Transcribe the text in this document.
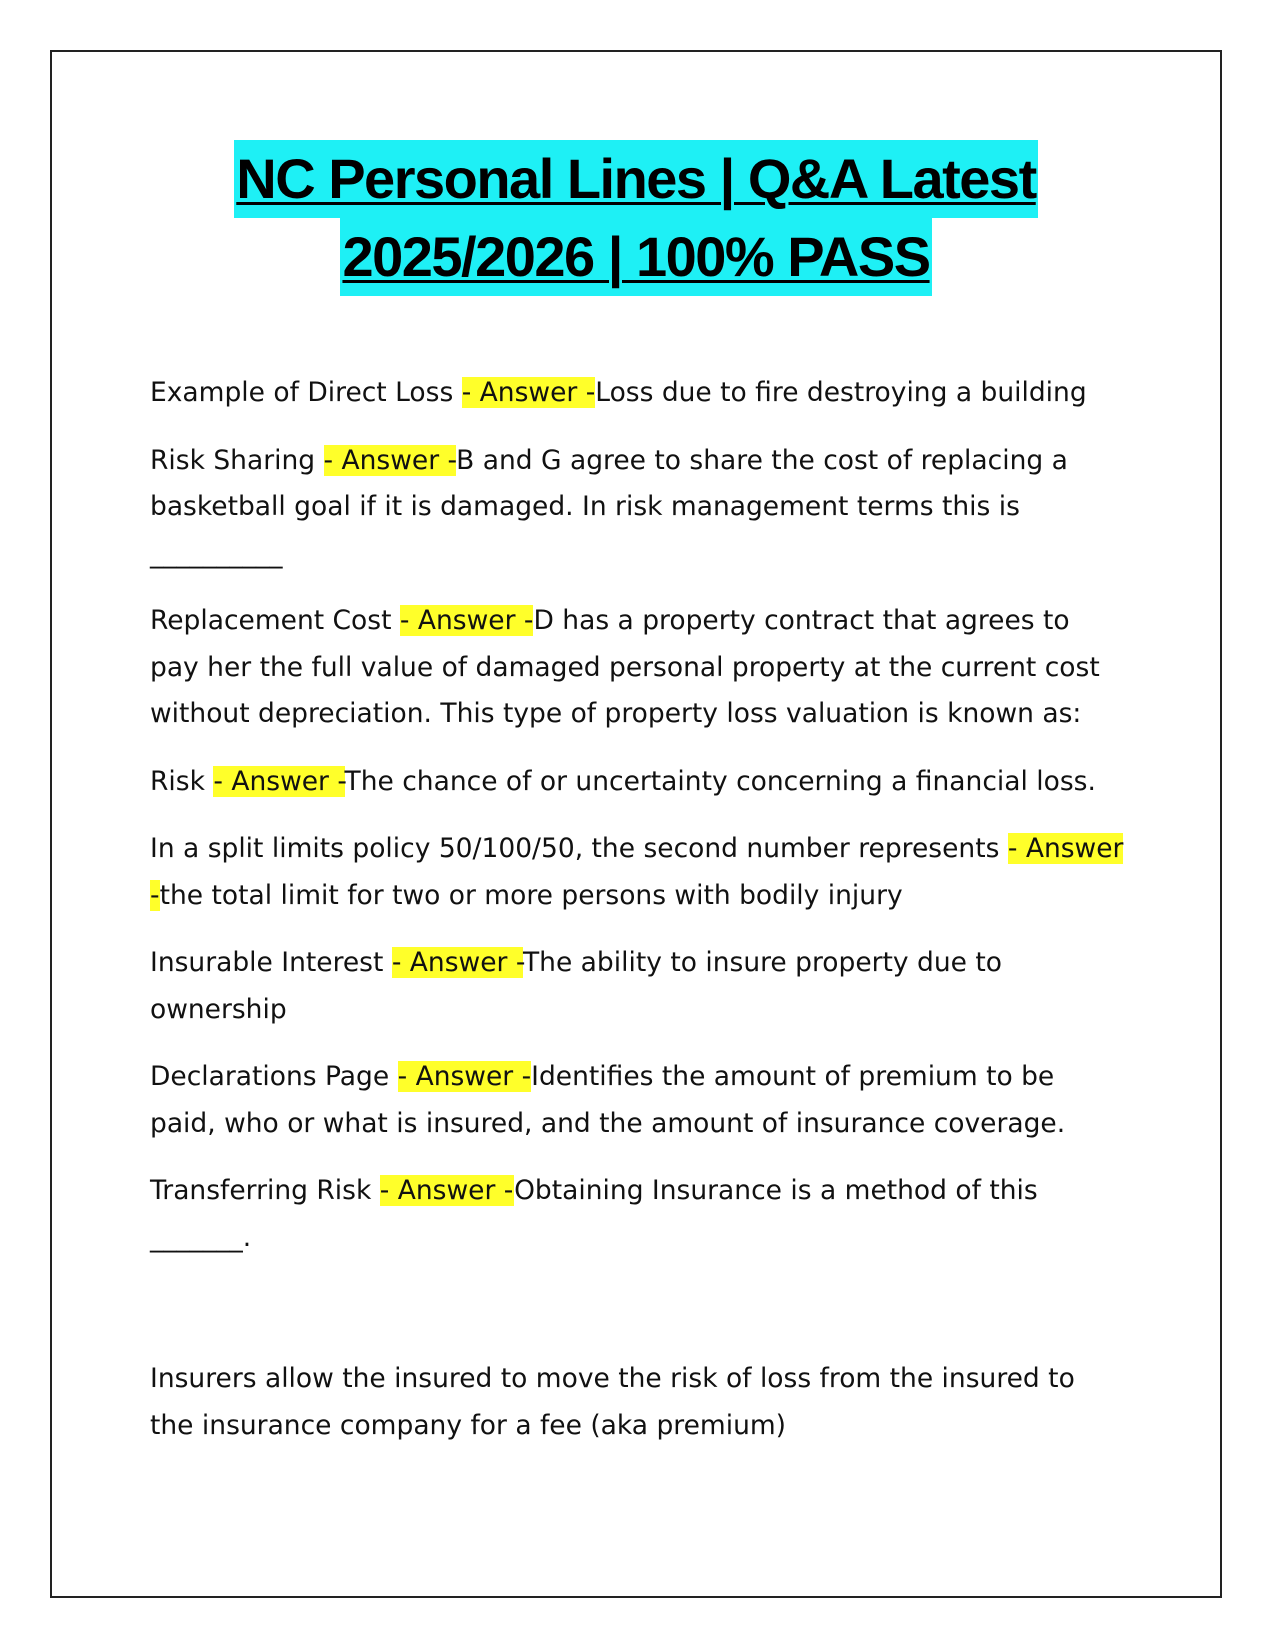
NC Personal Lines | Q&A Latest
2025/2026 | 100% PASS

Example of Direct Loss - Answer -Loss due to fire destroying a building

Risk Sharing - Answer -B and G agree to share the cost of replacing a basketball goal if it is damaged. In risk management terms this is __________

Replacement Cost - Answer -D has a property contract that agrees to pay her the full value of damaged personal property at the current cost without depreciation. This type of property loss valuation is known as:

Risk - Answer -The chance of or uncertainty concerning a financial loss.

In a split limits policy 50/100/50, the second number represents - Answer -the total limit for two or more persons with bodily injury

Insurable Interest - Answer -The ability to insure property due to ownership

Declarations Page - Answer -Identifies the amount of premium to be paid, who or what is insured, and the amount of insurance coverage.

Transferring Risk - Answer -Obtaining Insurance is a method of this _______.

Insurers allow the insured to move the risk of loss from the insured to the insurance company for a fee (aka premium)
